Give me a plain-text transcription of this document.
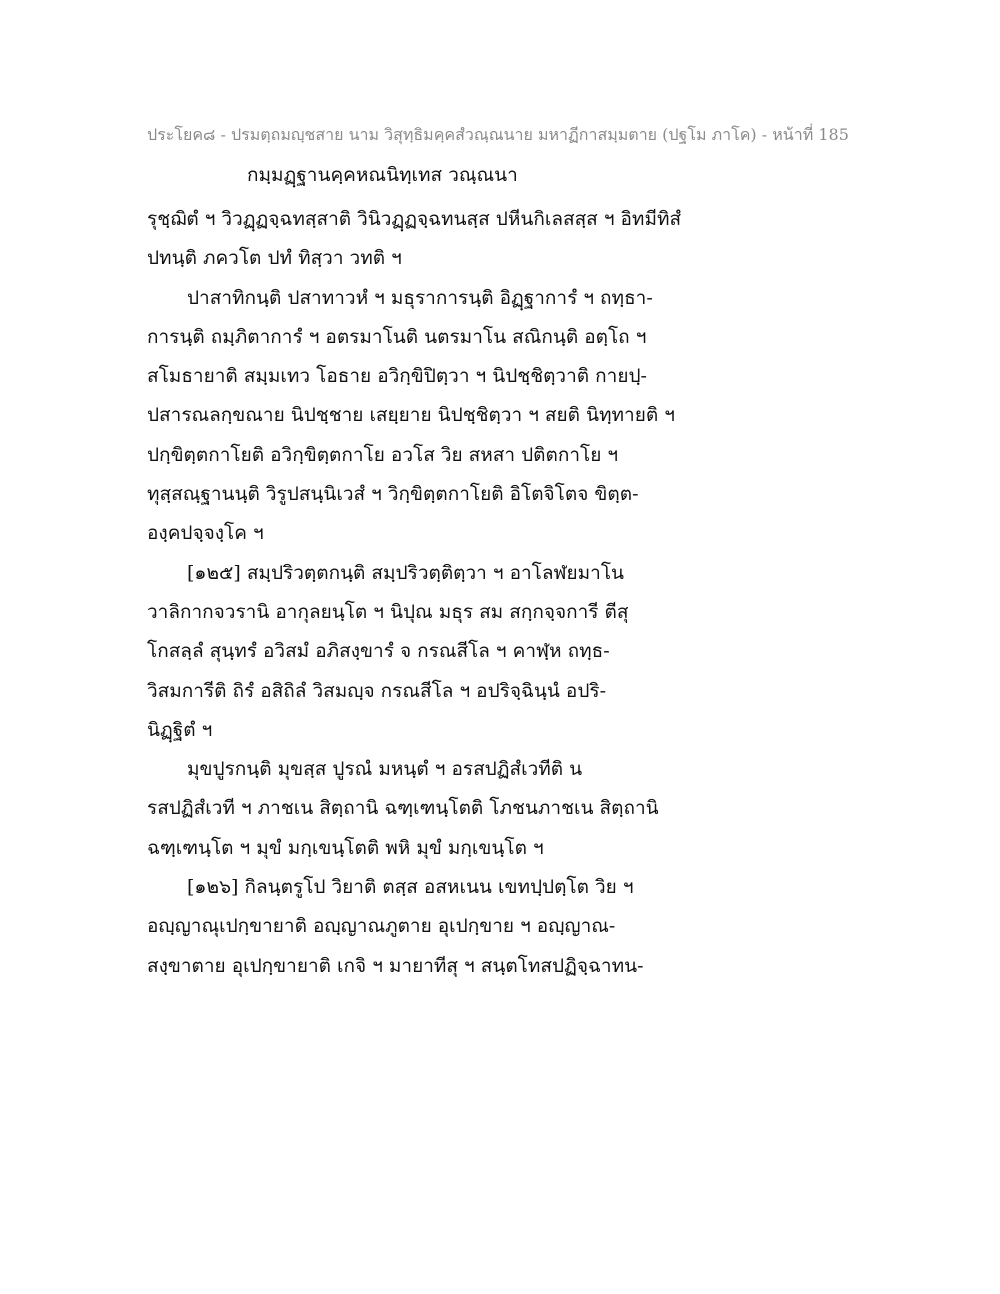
ประโยค๘ - ปรมตฺถมญฺชสาย นาม วิสุทฺธิมคฺคสํวณฺณนาย มหาฏีกาสมฺมตาย (ปฐโม ภาโค) - หน้าที่ 185
กมฺมฏฺฐานคฺคหณนิทฺเทส วณฺณนา
รุชฺฌิตํ ฯ วิวฏฺฏจฺฉทสฺสาติ วินิวฏฺฏจฺฉทนสฺส ปหีนกิเลสสฺส ฯ อิทมีทิสํ
ปทนฺติ ภควโต ปทํ ทิสฺวา วทติ ฯ
ปาสาทิกนฺติ ปสาทาวหํ ฯ มธุราการนฺติ อิฏฺฐาการํ ฯ ถทฺธา-
การนฺติ ถมฺภิตาการํ ฯ อตรมาโนติ นตรมาโน สณิกนฺติ อตฺโถ ฯ
สโมธายาติ สมฺมเทว โอธาย อวิกฺขิปิตฺวา ฯ นิปชฺชิตฺวาติ กายปฺ-
ปสารณลกฺขณาย นิปชฺชาย เสยฺยาย นิปชฺชิตฺวา ฯ สยติ นิทฺทายติ ฯ
ปกฺขิตฺตกาโยติ อวิกฺขิตฺตกาโย อวโส วิย สหสา ปติตกาโย ฯ
ทุสฺสณฺฐานนฺติ วิรูปสนฺนิเวสํ ฯ วิกฺขิตฺตกาโยติ อิโตจิโตจ ขิตฺต-
องฺคปจฺจงฺโค ฯ
[๑๒๕] สมฺปริวตฺตกนฺติ สมฺปริวตฺติตฺวา ฯ อาโลฬยมาโน
วาลิกากจวรานิ อากุลยนฺโต ฯ นิปุณ มธุร สม สกฺกจฺจการี ตีสุ
โกสลฺลํ สุนฺทรํ อวิสมํ อภิสงฺขารํ จ กรณสีโล ฯ คาฬฺห ถทฺธ-
วิสมการีติ ถิรํ อสิถิลํ วิสมญฺจ กรณสีโล ฯ อปริจฺฉินฺนํ อปริ-
นิฏฺฐิตํ ฯ
มุขปูรกนฺติ มุขสฺส ปูรณํ มหนฺตํ ฯ อรสปฏิสํเวทีติ น
รสปฏิสํเวที ฯ ภาชเน สิตฺถานิ ฉฑฺเฑนฺโตติ โภชนภาชเน สิตฺถานิ
ฉฑฺเฑนฺโต ฯ มุขํ มกฺเขนฺโตติ พหิ มุขํ มกฺเขนฺโต ฯ
[๑๒๖] กิลนฺตรูโป วิยาติ ตสฺส อสหเนน เขทปฺปตฺโต วิย ฯ
อญฺญาณุเปกฺขายาติ อญฺญาณภูตาย อุเปกฺขาย ฯ อญฺญาณ-
สงฺขาตาย อุเปกฺขายาติ เกจิ ฯ มายาทีสุ ฯ สนฺตโทสปฏิจฺฉาทน-
